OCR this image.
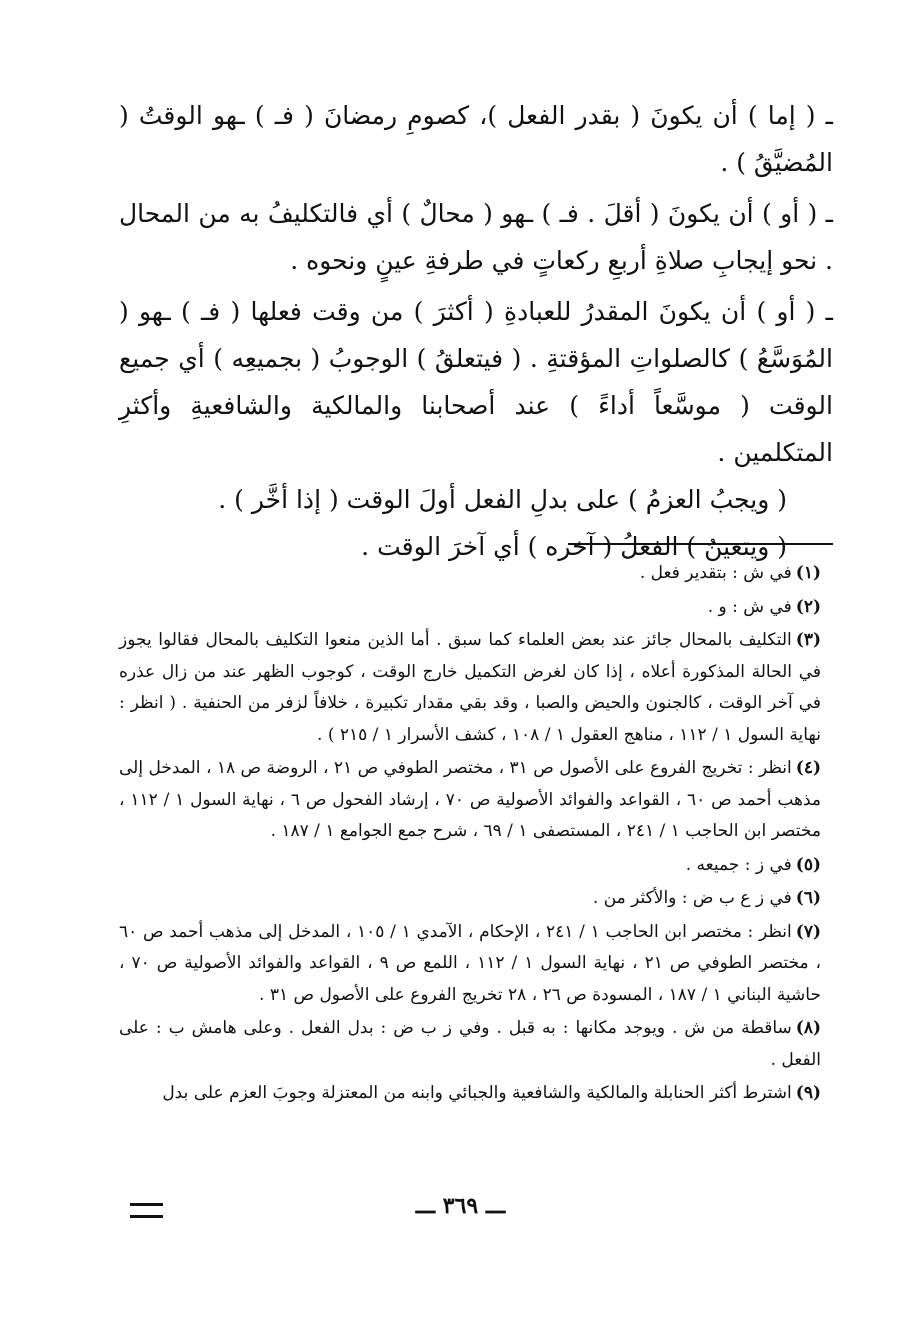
ـ ( إما ) أن يكونَ ( بقدر الفعل )، كصومِ رمضانَ ( فـ ) ـهو الوقتُ ( المُضيَّقُ ) .

ـ ( أو ) أن يكونَ ( أقلَ . فـ ) ـهو ( محالٌ ) أي فالتكليفُ به من المحال . نحو إيجابِ صلاةِ أربعِ ركعاتٍ في طرفةِ عينٍ ونحوه .

ـ ( أو ) أن يكونَ المقدرُ للعبادةِ ( أكثرَ ) من وقت فعلها ( فـ ) ـهو ( المُوَسَّعُ ) كالصلواتِ المؤقتةِ . ( فيتعلقُ ) الوجوبُ ( بجميعِه ) أي جميع الوقت ( موسَّعاً أداءً ) عند أصحابنا والمالكية والشافعيةِ وأكثرِ المتكلمين .

( ويجبُ العزمُ ) على بدلِ الفعل أولَ الوقت ( إذا أخَّر ) .

( ويتعينُ ) الفعلُ ( آخره ) أي آخرَ الوقت .

(١)في ش : بتقدير فعل .
(٢)في ش : و .
(٣)التكليف بالمحال جائز عند بعض العلماء كما سبق . أما الذين منعوا التكليف بالمحال فقالوا يجوز في الحالة المذكورة أعلاه ، إذا كان لغرض التكميل خارج الوقت ، كوجوب الظهر عند من زال عذره في آخر الوقت ، كالجنون والحيض والصبا ، وقد بقي مقدار تكبيرة ، خلافاً لزفر من الحنفية . ( انظر : نهاية السول ١ / ١١٢ ، مناهج العقول ١ / ١٠٨ ، كشف الأسرار ١ / ٢١٥ ) .
(٤)انظر : تخريج الفروع على الأصول ص ٣١ ، مختصر الطوفي ص ٢١ ، الروضة ص ١٨ ، المدخل إلى مذهب أحمد ص ٦٠ ، القواعد والفوائد الأصولية ص ٧٠ ، إرشاد الفحول ص ٦ ، نهاية السول ١ / ١١٢ ، مختصر ابن الحاجب ١ / ٢٤١ ، المستصفى ١ / ٦٩ ، شرح جمع الجوامع ١ / ١٨٧ .
(٥)في ز : جميعه .
(٦)في ز ع ب ض : والأكثر من .
(٧)انظر : مختصر ابن الحاجب ١ / ٢٤١ ، الإحكام ، الآمدي ١ / ١٠٥ ، المدخل إلى مذهب أحمد ص ٦٠ ، مختصر الطوفي ص ٢١ ، نهاية السول ١ / ١١٢ ، اللمع ص ٩ ، القواعد والفوائد الأصولية ص ٧٠ ، حاشية البناني ١ / ١٨٧ ، المسودة ص ٢٦ ، ٢٨ تخريج الفروع على الأصول ص ٣١ .
(٨)ساقطة من ش . ويوجد مكانها : به قبل . وفي ز ب ض : بدل الفعل . وعلى هامش ب : على الفعل .
(٩)اشترط أكثر الحنابلة والمالكية والشافعية والجبائي وابنه من المعتزلة وجوبَ العزم على بدل
ـــ ٣٦٩ ـــ
